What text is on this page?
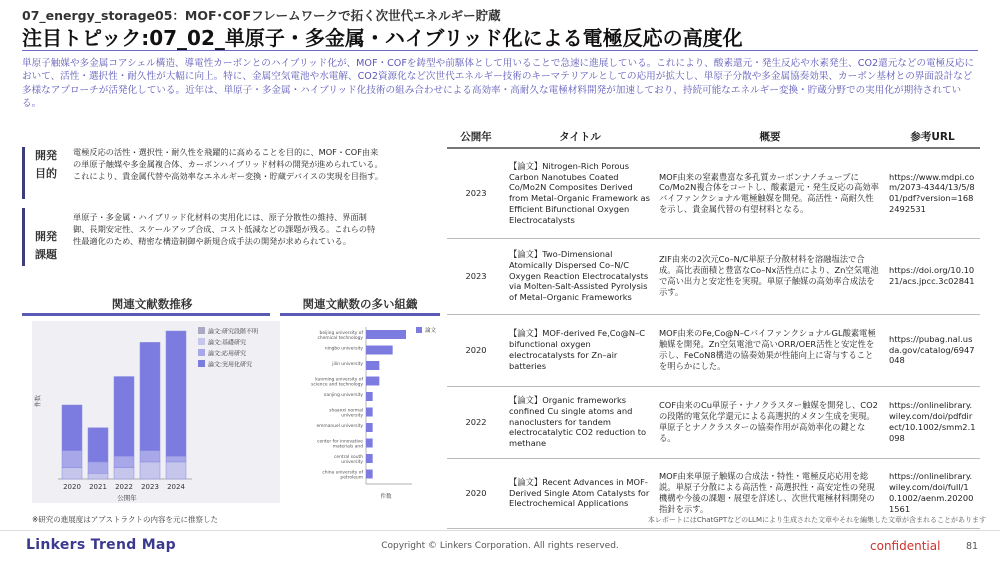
07_energy_storage05：MOF･COFフレームワークで拓く次世代エネルギー貯蔵
注目トピック:07_02_単原子・多金属・ハイブリッド化による電極反応の高度化
単原子触媒や多金属コアシェル構造、導電性カーボンとのハイブリッド化が、MOF・COFを鋳型や前駆体として用いることで急速に進展している。これにより、酸素還元・発生反応や水素発生、CO2還元などの電極反応において、活性・選択性・耐久性が大幅に向上。特に、金属空気電池や水電解、CO2資源化など次世代エネルギー技術のキーマテリアルとしての応用が拡大し、単原子分散や多金属協奏効果、カーボン基材との界面設計など多様なアプローチが活発化している。近年は、単原子・多金属・ハイブリッド化技術の組み合わせによる高効率・高耐久な電極材料開発が加速しており、持続可能なエネルギー変換・貯蔵分野での実用化が期待されている。
開発
目的
電極反応の活性・選択性・耐久性を飛躍的に高めることを目的に、MOF・COF由来の単原子触媒や多金属複合体、カーボンハイブリッド材料の開発が進められている。これにより、貴金属代替や高効率なエネルギー変換・貯蔵デバイスの実現を目指す。
開発
課題
単原子・多金属・ハイブリッド化材料の実用化には、原子分散性の維持、界面制御、長期安定性、スケールアップ合成、コスト低減などの課題が残る。これらの特性最適化のため、精密な構造制御や新規合成手法の開発が求められている。
関連文献数推移	関連文献数の多い組織
件数
2020 2021 2022 2023 2024
公開年
論文:研究段階不明
論文:基礎研究
論文:応用研究
論文:実用化研究
beijing university of chemical technology
ningbo university
jilin university
kunming university of science and technology
nanjing university
shaanxi normal university
emmanuel university
center for innovative materials and
central south university
china university of petroleum
件数
論文
※研究の進展度はアブストラクトの内容を元に推察した
公開年	タイトル	概要	参考URL
2023	【論文】Nitrogen-Rich Porous Carbon Nanotubes Coated Co/Mo2N Composites Derived from Metal-Organic Framework as Efficient Bifunctional Oxygen Electrocatalysts	MOF由来の窒素豊富な多孔質カーボンナノチューブにCo/Mo2N複合体をコートし、酸素還元・発生反応の高効率バイファンクショナル電極触媒を開発。高活性・高耐久性を示し、貴金属代替の有望材料となる。	https://www.mdpi.com/2073-4344/13/5/801/pdf?version=1682492531
2023	【論文】Two-Dimensional Atomically Dispersed Co–N/C Oxygen Reaction Electrocatalysts via Molten-Salt-Assisted Pyrolysis of Metal–Organic Frameworks	ZIF由来の2次元Co–N/C単原子分散材料を溶融塩法で合成。高比表面積と豊富なCo–Nx活性点により、Zn空気電池で高い出力と安定性を実現。単原子触媒の高効率合成法を示す。	https://doi.org/10.1021/acs.jpcc.3c02841
2020	【論文】MOF-derived Fe,Co@N–C bifunctional oxygen electrocatalysts for Zn–air batteries	MOF由来のFe,Co@N–CバイファンクショナルGL酸素電極触媒を開発。Zn空気電池で高いORR/OER活性と安定性を示し、FeCoN8構造の協奏効果が性能向上に寄与することを明らかにした。	https://pubag.nal.usda.gov/catalog/6947048
2022	【論文】Organic frameworks confined Cu single atoms and nanoclusters for tandem electrocatalytic CO2 reduction to methane	COF由来のCu単原子・ナノクラスター触媒を開発し、CO2の段階的電気化学還元による高選択的メタン生成を実現。単原子とナノクラスターの協奏作用が高効率化の鍵となる。	https://onlinelibrary.wiley.com/doi/pdfdirect/10.1002/smm2.1098
2020	【論文】Recent Advances in MOF-Derived Single Atom Catalysts for Electrochemical Applications	MOF由来単原子触媒の合成法・特性・電極反応応用を総説。単原子分散による高活性・高選択性・高安定性の発現機構や今後の課題・展望を詳述し、次世代電極材料開発の指針を示す。	https://onlinelibrary.wiley.com/doi/full/10.1002/aenm.202001561
本レポートにはChatGPTなどのLLMにより生成された文章やそれを編集した文章が含まれることがあります
Linkers Trend Map	Copyright © Linkers Corporation. All rights reserved.	confidential	81
